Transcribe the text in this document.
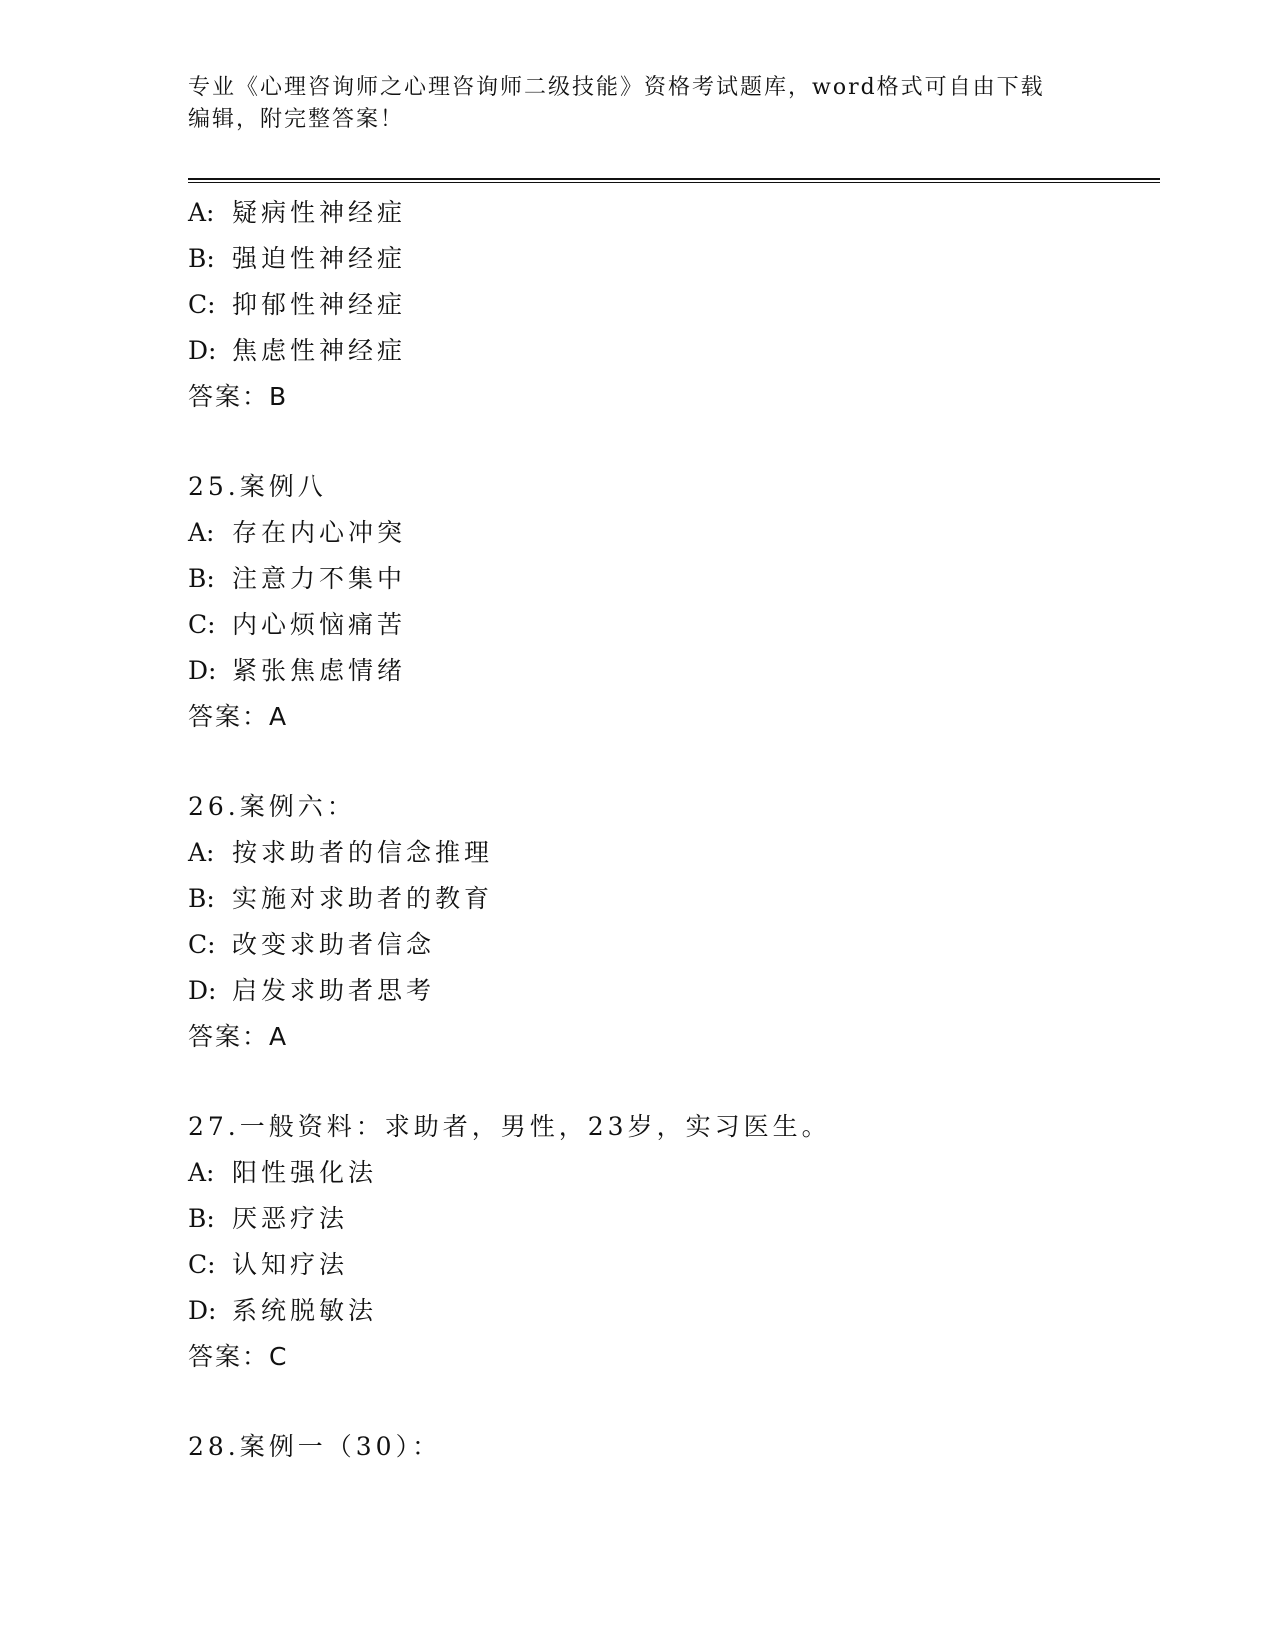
专业《心理咨询师之心理咨询师二级技能》资格考试题库，word格式可自由下载
编辑，附完整答案！
A: 疑病性神经症
B: 强迫性神经症
C: 抑郁性神经症
D: 焦虑性神经症
答案：B
25.案例八
A: 存在内心冲突
B: 注意力不集中
C: 内心烦恼痛苦
D: 紧张焦虑情绪
答案：A
26.案例六：
A: 按求助者的信念推理
B: 实施对求助者的教育
C: 改变求助者信念
D: 启发求助者思考
答案：A
27.一般资料：求助者，男性，23岁，实习医生。
A: 阳性强化法
B: 厌恶疗法
C: 认知疗法
D: 系统脱敏法
答案：C
28.案例一（30）：
